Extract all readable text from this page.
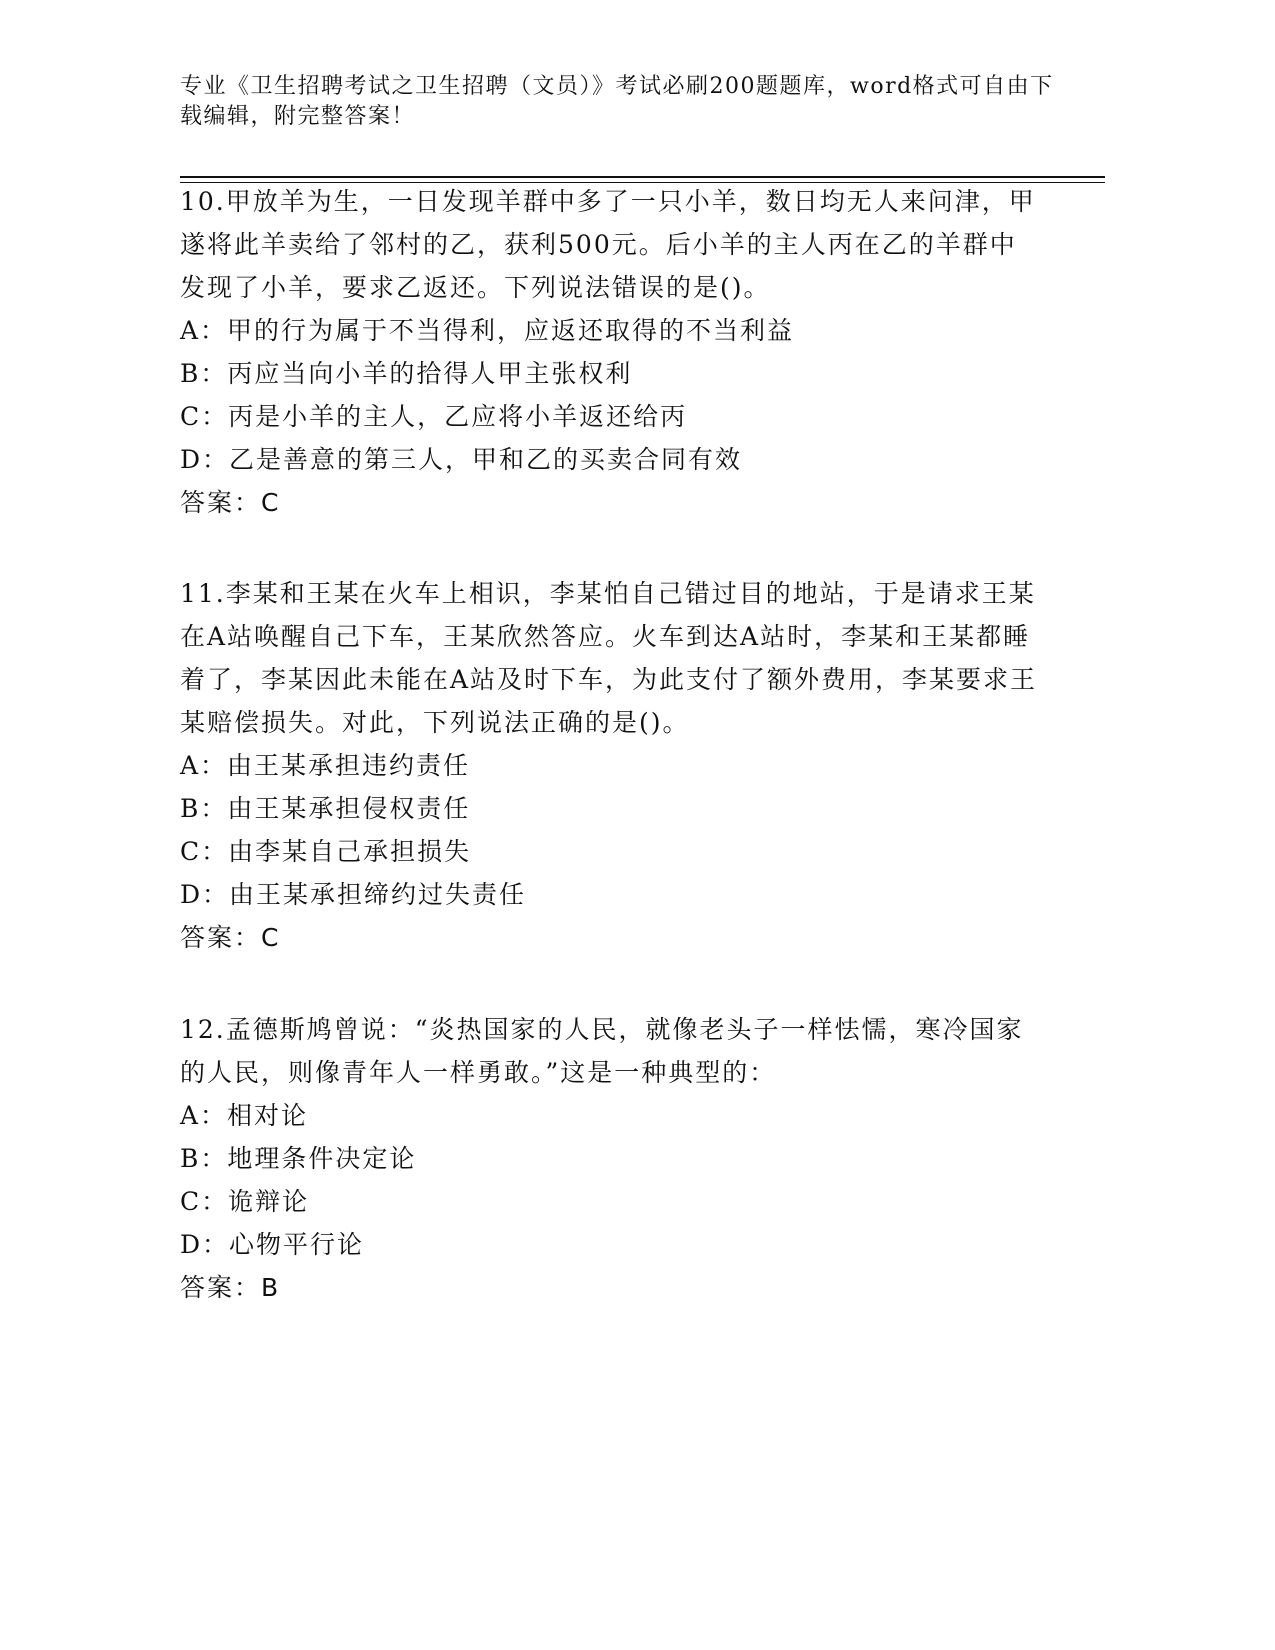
专业《卫生招聘考试之卫生招聘（文员）》考试必刷200题题库，word格式可自由下载编辑，附完整答案！

10.甲放羊为生，一日发现羊群中多了一只小羊，数日均无人来问津，甲遂将此羊卖给了邻村的乙，获利500元。后小羊的主人丙在乙的羊群中发现了小羊，要求乙返还。下列说法错误的是()。

A：甲的行为属于不当得利，应返还取得的不当利益

B：丙应当向小羊的拾得人甲主张权利

C：丙是小羊的主人，乙应将小羊返还给丙

D：乙是善意的第三人，甲和乙的买卖合同有效

答案：C

11.李某和王某在火车上相识，李某怕自己错过目的地站，于是请求王某在A站唤醒自己下车，王某欣然答应。火车到达A站时，李某和王某都睡着了，李某因此未能在A站及时下车，为此支付了额外费用，李某要求王某赔偿损失。对此，下列说法正确的是()。

A：由王某承担违约责任

B：由王某承担侵权责任

C：由李某自己承担损失

D：由王某承担缔约过失责任

答案：C

12.孟德斯鸠曾说：“炎热国家的人民，就像老头子一样怯懦，寒冷国家的人民，则像青年人一样勇敢。”这是一种典型的：

A：相对论

B：地理条件决定论

C：诡辩论

D：心物平行论

答案：B
